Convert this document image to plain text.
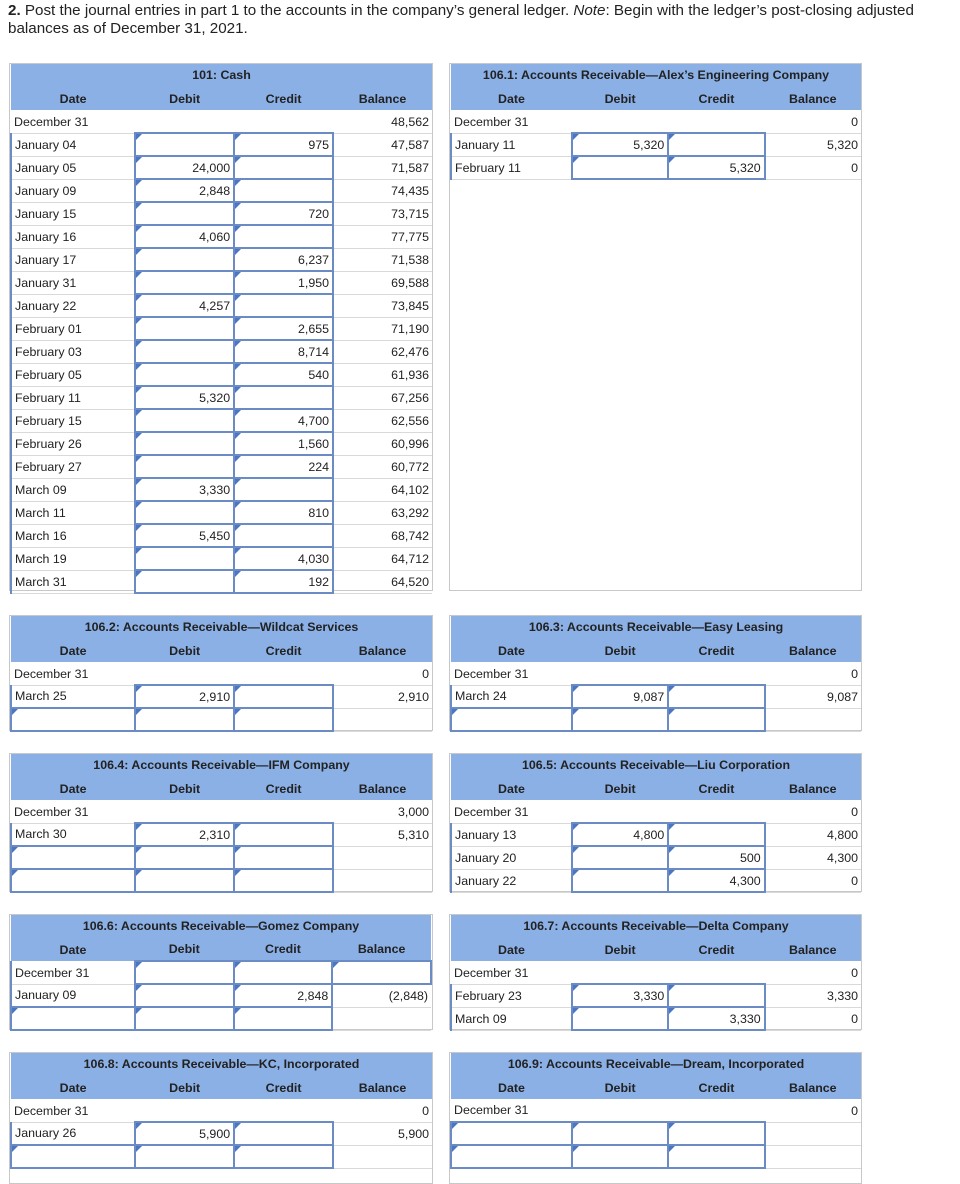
2. Post the journal entries in part 1 to the accounts in the company’s general ledger. Note: Begin with the ledger’s post-closing adjusted balances as of December 31, 2021.
101: Cash			
Date	Debit	Credit	Balance
December 31			48,562
January 04		975	47,587
January 05	24,000		71,587
January 09	2,848		74,435
January 15		720	73,715
January 16	4,060		77,775
January 17		6,237	71,538
January 31		1,950	69,588
January 22	4,257		73,845
February 01		2,655	71,190
February 03		8,714	62,476
February 05		540	61,936
February 11	5,320		67,256
February 15		4,700	62,556
February 26		1,560	60,996
February 27		224	60,772
March 09	3,330		64,102
March 11		810	63,292
March 16	5,450		68,742
March 19		4,030	64,712
March 31		192	64,520
106.1: Accounts Receivable—Alex’s Engineering Company			
Date	Debit	Credit	Balance
December 31			0
January 11	5,320		5,320
February 11		5,320	0
106.2: Accounts Receivable—Wildcat Services			
Date	Debit	Credit	Balance
December 31			0
March 25	2,910		2,910

106.3: Accounts Receivable—Easy Leasing			
Date	Debit	Credit	Balance
December 31			0
March 24	9,087		9,087

106.4: Accounts Receivable—IFM Company			
Date	Debit	Credit	Balance
December 31			3,000
March 30	2,310		5,310

106.5: Accounts Receivable—Liu Corporation			
Date	Debit	Credit	Balance
December 31			0
January 13	4,800		4,800
January 20		500	4,300
January 22		4,300	0
106.6: Accounts Receivable—Gomez Company			
Date	Debit	Credit	Balance
December 31			
January 09		2,848	(2,848)

106.7: Accounts Receivable—Delta Company			
Date	Debit	Credit	Balance
December 31			0
February 23	3,330		3,330
March 09		3,330	0
106.8: Accounts Receivable—KC, Incorporated			
Date	Debit	Credit	Balance
December 31			0
January 26	5,900		5,900

106.9: Accounts Receivable—Dream, Incorporated			
Date	Debit	Credit	Balance
December 31			0
